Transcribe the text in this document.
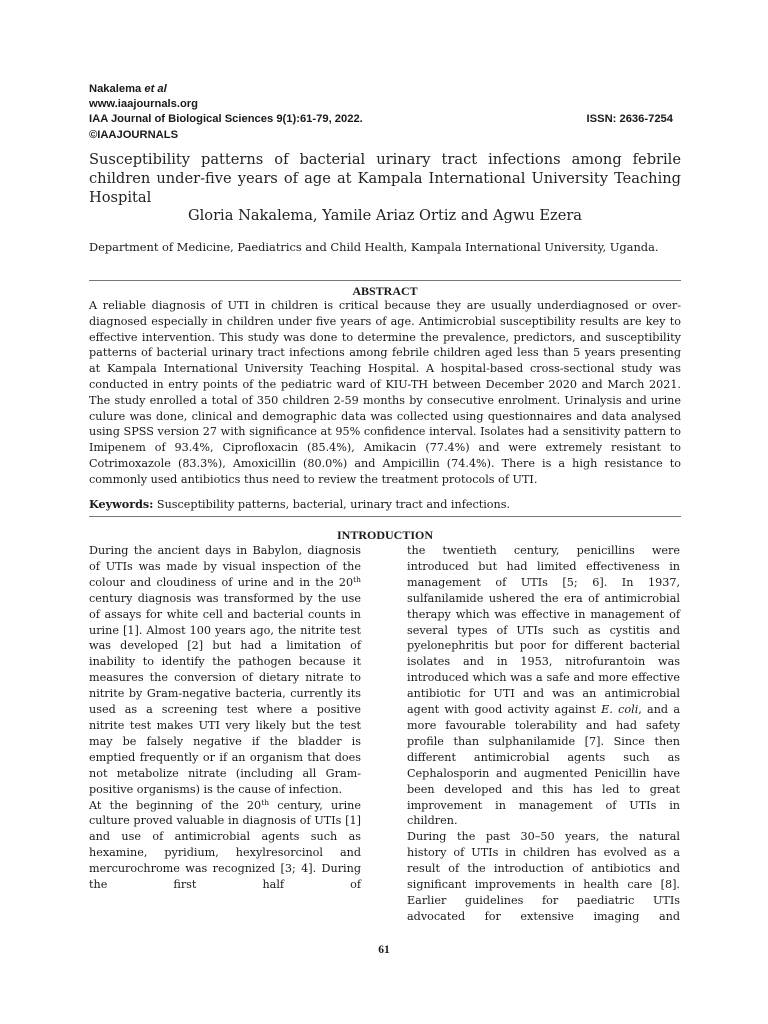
Nakalema et al
www.iaajournals.org
IAA Journal of Biological Sciences 9(1):61-79, 2022.	ISSN: 2636-7254
©IAAJOURNALS
Susceptibility patterns of bacterial urinary tract infections among febrile children under-five years of age at Kampala International University Teaching Hospital
Gloria Nakalema, Yamile Ariaz Ortiz and Agwu Ezera
Department of Medicine, Paediatrics and Child Health, Kampala International University, Uganda.
ABSTRACT
A reliable diagnosis of UTI in children is critical because they are usually underdiagnosed or over-diagnosed especially in children under five years of age. Antimicrobial susceptibility results are key to effective intervention. This study was done to determine the prevalence, predictors, and susceptibility patterns of bacterial urinary tract infections among febrile children aged less than 5 years presenting at Kampala International University Teaching Hospital. A hospital-based cross-sectional study was conducted in entry points of the pediatric ward of KIU-TH between December 2020 and March 2021. The study enrolled a total of 350 children 2-59 months by consecutive enrolment. Urinalysis and urine culure was done, clinical and demographic data was collected using questionnaires and data analysed using SPSS version 27 with significance at 95% confidence interval. Isolates had a sensitivity pattern to Imipenem of 93.4%, Ciprofloxacin (85.4%), Amikacin (77.4%) and were extremely resistant to Cotrimoxazole (83.3%), Amoxicillin (80.0%) and Ampicillin (74.4%). There is a high resistance to commonly used antibiotics thus need to review the treatment protocols of UTI.
Keywords: Susceptibility patterns, bacterial, urinary tract and infections.
INTRODUCTION

During the ancient days in Babylon, diagnosis of UTIs was made by visual inspection of the colour and cloudiness of urine and in the 20th century diagnosis was transformed by the use of assays for white cell and bacterial counts in urine [1]. Almost 100 years ago, the nitrite test was developed [2] but had a limitation of inability to identify the pathogen because it measures the conversion of dietary nitrate to nitrite by Gram-negative bacteria, currently its used as a screening test where a positive nitrite test makes UTI very likely but the test may be falsely negative if the bladder is emptied frequently or if an organism that does not metabolize nitrate (including all Gram-positive organisms) is the cause of infection.

At the beginning of the 20th century, urine culture proved valuable in diagnosis of UTIs [1] and use of antimicrobial agents such as hexamine, pyridium, hexylresorcinol and mercurochrome was recognized [3; 4]. During the first half of

the twentieth century, penicillins were introduced but had limited effectiveness in management of UTIs [5; 6]. In 1937, sulfanilamide ushered the era of antimicrobial therapy which was effective in management of several types of UTIs such as cystitis and pyelonephritis but poor for different bacterial isolates and in 1953, nitrofurantoin was introduced which was a safe and more effective antibiotic for UTI and was an antimicrobial agent with good activity against E. coli, and a more favourable tolerability and had safety profile than sulphanilamide [7]. Since then different antimicrobial agents such as Cephalosporin and augmented Penicillin have been developed and this has led to great improvement in management of UTIs in children.

During the past 30–50 years, the natural history of UTIs in children has evolved as a result of the introduction of antibiotics and significant improvements in health care [8]. Earlier guidelines for paediatric UTIs advocated for extensive imaging and

61
